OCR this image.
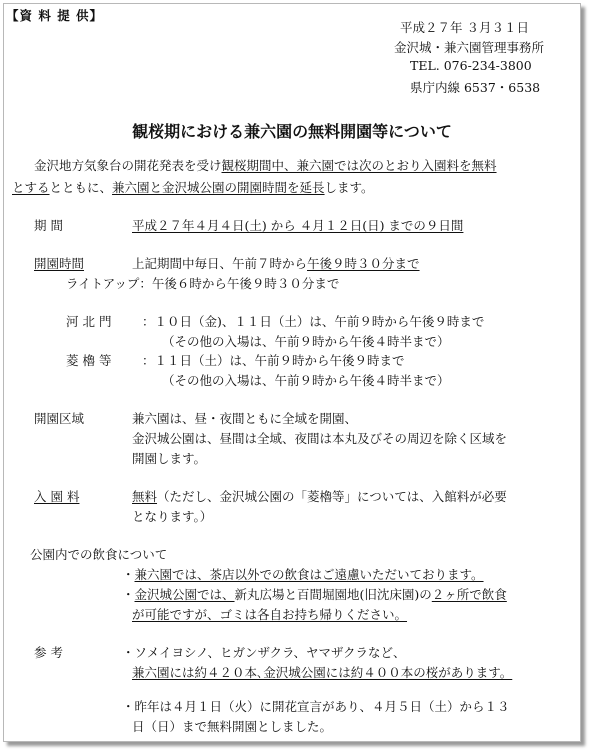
【資 料 提 供】
平成２７年 ３月３１日
金沢城・兼六園管理事務所
TEL. 076-234-3800
県庁内線 6537・6538
観桜期における兼六園の無料開園等について
金沢地方気象台の開花発表を受け観桜期間中、兼六園では次のとおり入園料を無料
とするとともに、兼六園と金沢城公園の開園時間を延長します。
期 間	平成２７年４月４日(土) から ４月１２日(日) までの９日間
開園時間	上記期間中毎日、午前７時から午後９時３０分まで
ライトアップ：午後６時から午後９時３０分まで
河 北 門 ：１０日（金)、１１日（土）は、午前９時から午後９時まで
（その他の入場は、午前９時から午後４時半まで）
菱 櫓 等 ：１１日（土）は、午前９時から午後９時まで
（その他の入場は、午前９時から午後４時半まで）
開園区域	兼六園は、昼・夜間ともに全域を開園、
金沢城公園は、昼間は全域、夜間は本丸及びその周辺を除く区域を
開園します。
入 園 料	無料（ただし、金沢城公園の「菱櫓等」については、入館料が必要
となります。）
公園内での飲食について
・兼六園では、茶店以外での飲食はご遠慮いただいております。
・金沢城公園では、新丸広場と百間堀園地(旧沈床園)の２ヶ所で飲食
が可能ですが、ゴミは各自お持ち帰りください。
参 考	・ソメイヨシノ、ヒガンザクラ、ヤマザクラなど、
兼六園には約４２０本､金沢城公園には約４００本の桜があります。
・昨年は４月１日（火）に開花宣言があり、４月５日（土）から１３
日（日）まで無料開園としました。
